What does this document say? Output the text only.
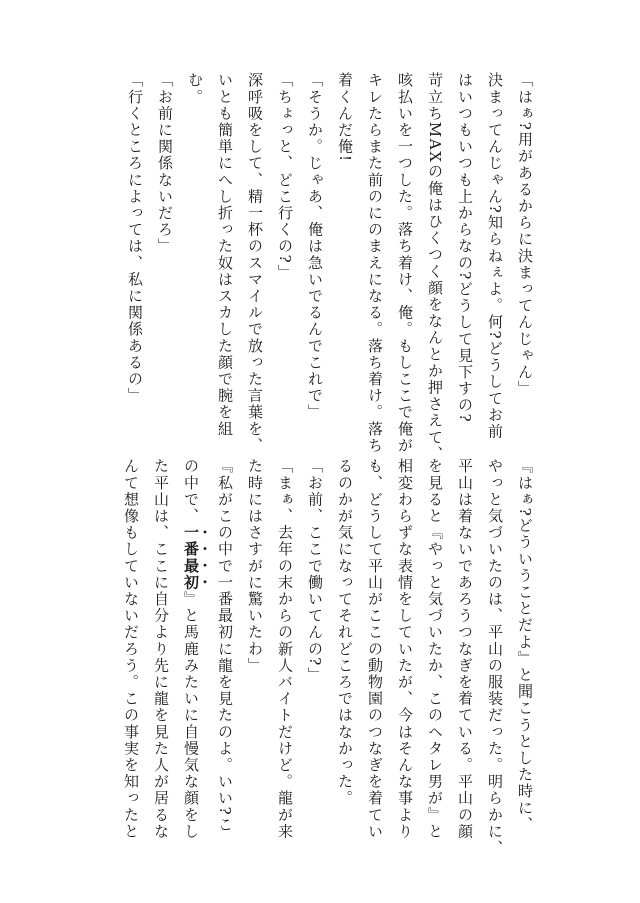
「はぁ?用があるからに決まってんじゃん」
決まってんじゃん?知らねぇよ。何?どうしてお前
はいつもいつも上からなの?どうして見下すの?
苛立ちMAXの俺はひくつく顔をなんとか押さえて、
咳払いを一つした。落ち着け、俺。もしここで俺が
キレたらまた前のにのまえになる。落ち着け。落ち
着くんだ俺!
「そうか。じゃあ、俺は急いでるんでこれで」
「ちょっと、どこ行くの?」
深呼吸をして、精一杯のスマイルで放った言葉を、
いとも簡単にへし折った奴はスカした顔で腕を組
む。
「お前に関係ないだろ」
「行くところによっては、私に関係あるの」
『はぁ?どういうことだよ』と聞こうとした時に、
やっと気づいたのは、平山の服装だった。明らかに、
平山は着ないであろうつなぎを着ている。平山の顔
を見ると『やっと気づいたか、このヘタレ男が』と
相変わらずな表情をしていたが、今はそんな事より
も、どうして平山がここの動物園のつなぎを着てい
るのかが気になってそれどころではなかった。
「お前、ここで働いてんの?」
「まぁ、去年の末からの新人バイトだけど。龍が来
た時にはさすがに驚いたわ」
『私がこの中で一番最初に龍を見たのよ。いい?こ
の中で、一番最初』と馬鹿みたいに自慢気な顔をし
た平山は、ここに自分より先に龍を見た人が居るな
んて想像もしていないだろう。この事実を知ったと
